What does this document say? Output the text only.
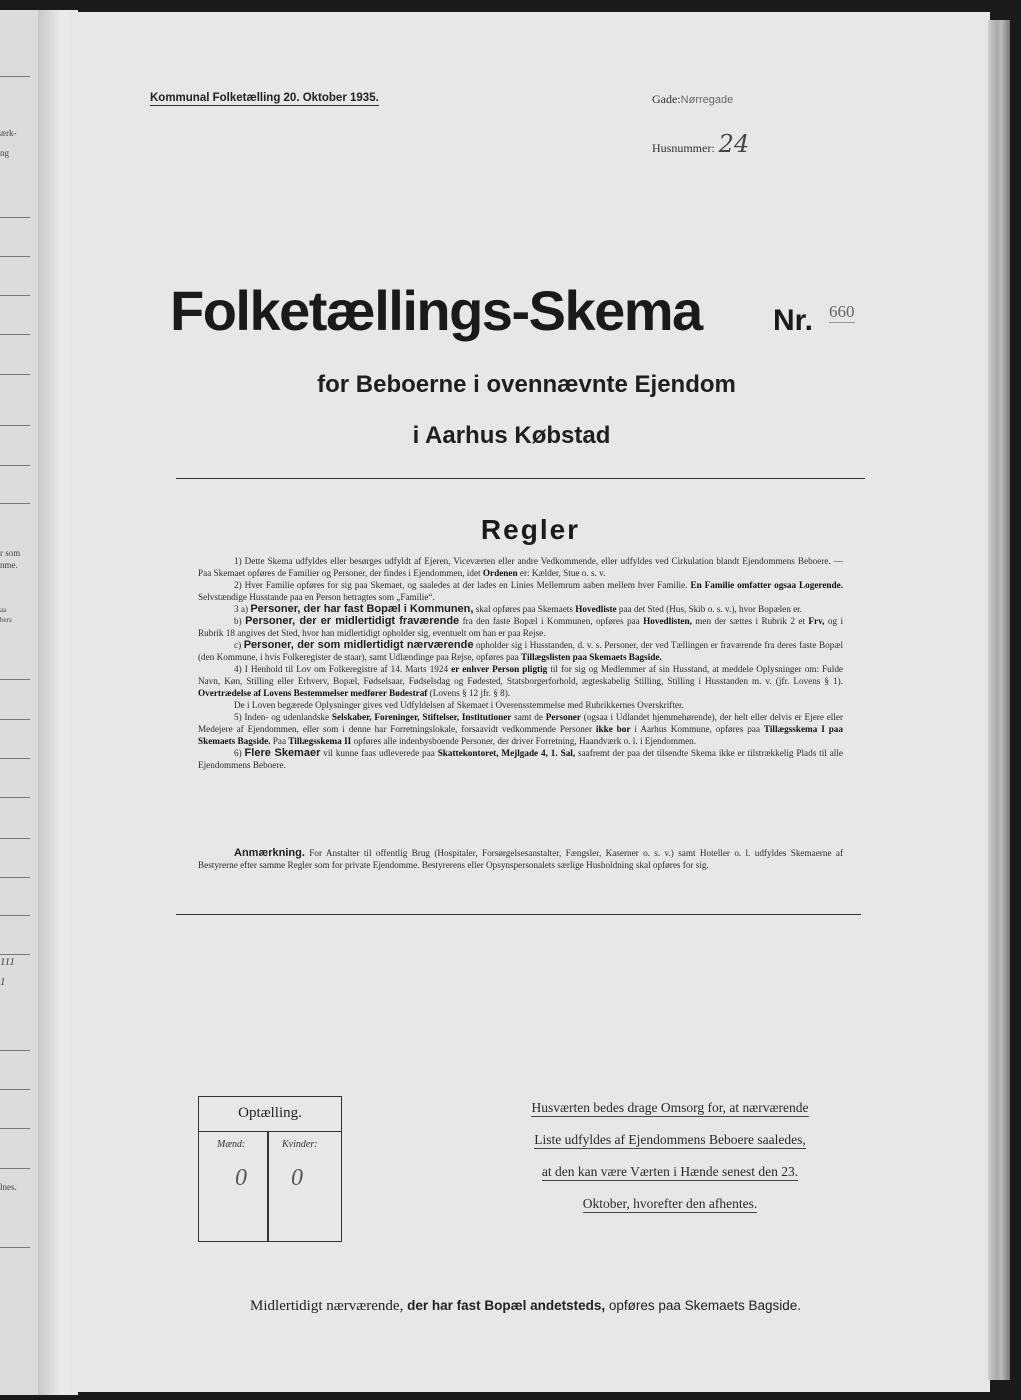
ærk-
ng
r som
nme.
aa
bers
111
1
lnes.
Kommunal Folketælling 20. Oktober 1935.	Gade:Nørregade
Husnummer: 24
Folketællings-Skema Nr. 660
for Beboerne i ovennævnte Ejendom
i Aarhus Købstad
Regler

1) Dette Skema udfyldes eller besørges udfyldt af Ejeren, Viceværten eller andre Vedkommende, eller udfyldes ved Cirkulation blandt Ejendommens Beboere. — Paa Skemaet opføres de Familier og Personer, der findes i Ejendommen, idet Ordenen er: Kælder, Stue o. s. v.

2) Hver Familie opføres for sig paa Skemaet, og saaledes at der lades en Linies Mellemrum aaben mellem hver Familie. En Familie omfatter ogsaa Logerende. Selvstændige Husstande paa en Person betragtes som „Familie“.

3 a) Personer, der har fast Bopæl i Kommunen, skal opføres paa Skemaets Hovedliste paa det Sted (Hus, Skib o. s. v.), hvor Bopælen er.

b) Personer, der er midlertidigt fraværende fra den faste Bopæl i Kommunen, opføres paa Hovedlisten, men der sættes i Rubrik 2 et Frv, og i Rubrik 18 angives det Sted, hvor han midlertidigt opholder sig, eventuelt om han er paa Rejse.

c) Personer, der som midlertidigt nærværende opholder sig i Husstanden, d. v. s. Personer, der ved Tællingen er fraværende fra deres faste Bopæl (den Kommune, i hvis Folkeregister de staar), samt Udlændinge paa Rejse, opføres paa Tillægslisten paa Skemaets Bagside.

4) I Henhold til Lov om Folkeregistre af 14. Marts 1924 er enhver Person pligtig til for sig og Medlemmer af sin Husstand, at meddele Oplysninger om: Fulde Navn, Køn, Stilling eller Erhverv, Bopæl, Fødselsaar, Fødselsdag og Fødested, Statsborgerforhold, ægteskabelig Stilling, Stilling i Husstanden m. v. (jfr. Lovens § 1). Overtrædelse af Lovens Bestemmelser medfører Bødestraf (Lovens § 12 jfr. § 8).

De i Loven begærede Oplysninger gives ved Udfyldelsen af Skemaet i Overensstemmelse med Rubrikkernes Overskrifter.

5) Inden- og udenlandske Selskaber, Foreninger, Stiftelser, Institutioner samt de Personer (ogsaa i Udlandet hjemmehørende), der helt eller delvis er Ejere eller Medejere af Ejendommen, eller som i denne har Forretningslokale, forsaavidt vedkommende Personer ikke bor i Aarhus Kommune, opføres paa Tillægsskema I paa Skemaets Bagside. Paa Tillægsskema II opføres alle indenbysboende Personer, der driver Forretning, Haandværk o. l. i Ejendommen.

6) Flere Skemaer vil kunne faas udleverede paa Skattekontoret, Mejlgade 4, 1. Sal, saafremt der paa det tilsendte Skema ikke er tilstrækkelig Plads til alle Ejendommens Beboere.

Anmærkning. For Anstalter til offentlig Brug (Hospitaler, Forsørgelsesanstalter, Fængsler, Kaserner o. s. v.) samt Hoteller o. l. udfyldes Skemaerne af Bestyrerne efter samme Regler som for private Ejendomme. Bestyrerens eller Opsynspersonalets særlige Husholdning skal opføres for sig.

Optælling.
Mænd:	Kvinder:
0 0
Husværten bedes drage Omsorg for, at nærværende
Liste udfyldes af Ejendommens Beboere saaledes,
at den kan være Værten i Hænde senest den 23.
Oktober, hvorefter den afhentes.
Midlertidigt nærværende, der har fast Bopæl andetsteds, opføres paa Skemaets Bagside.
